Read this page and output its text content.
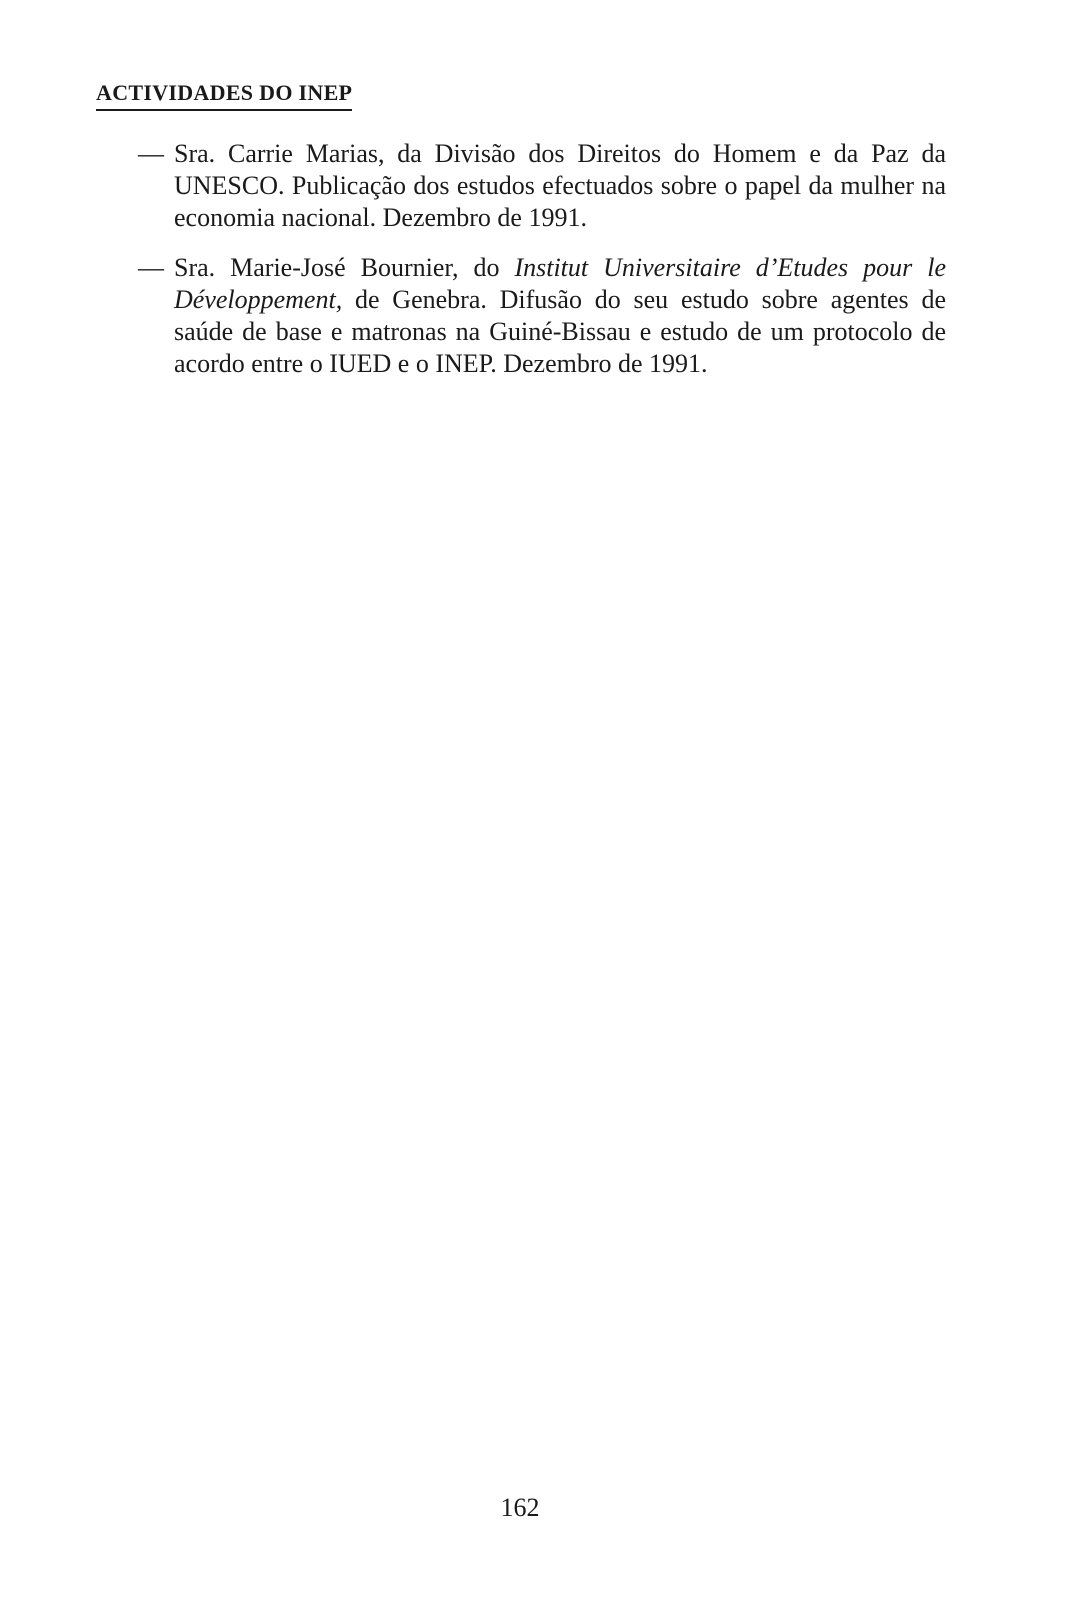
ACTIVIDADES DO INEP

— Sra. Carrie Marias, da Divisão dos Direitos do Homem e da Paz da UNESCO. Publicação dos estudos efectuados sobre o papel da mulher na economia nacional. Dezembro de 1991.

— Sra. Marie-José Bournier, do Institut Universitaire d’Etudes pour le Développement, de Genebra. Difusão do seu estudo sobre agentes de saúde de base e matronas na Guiné-Bissau e estudo de um protocolo de acordo entre o IUED e o INEP. Dezembro de 1991.

162
